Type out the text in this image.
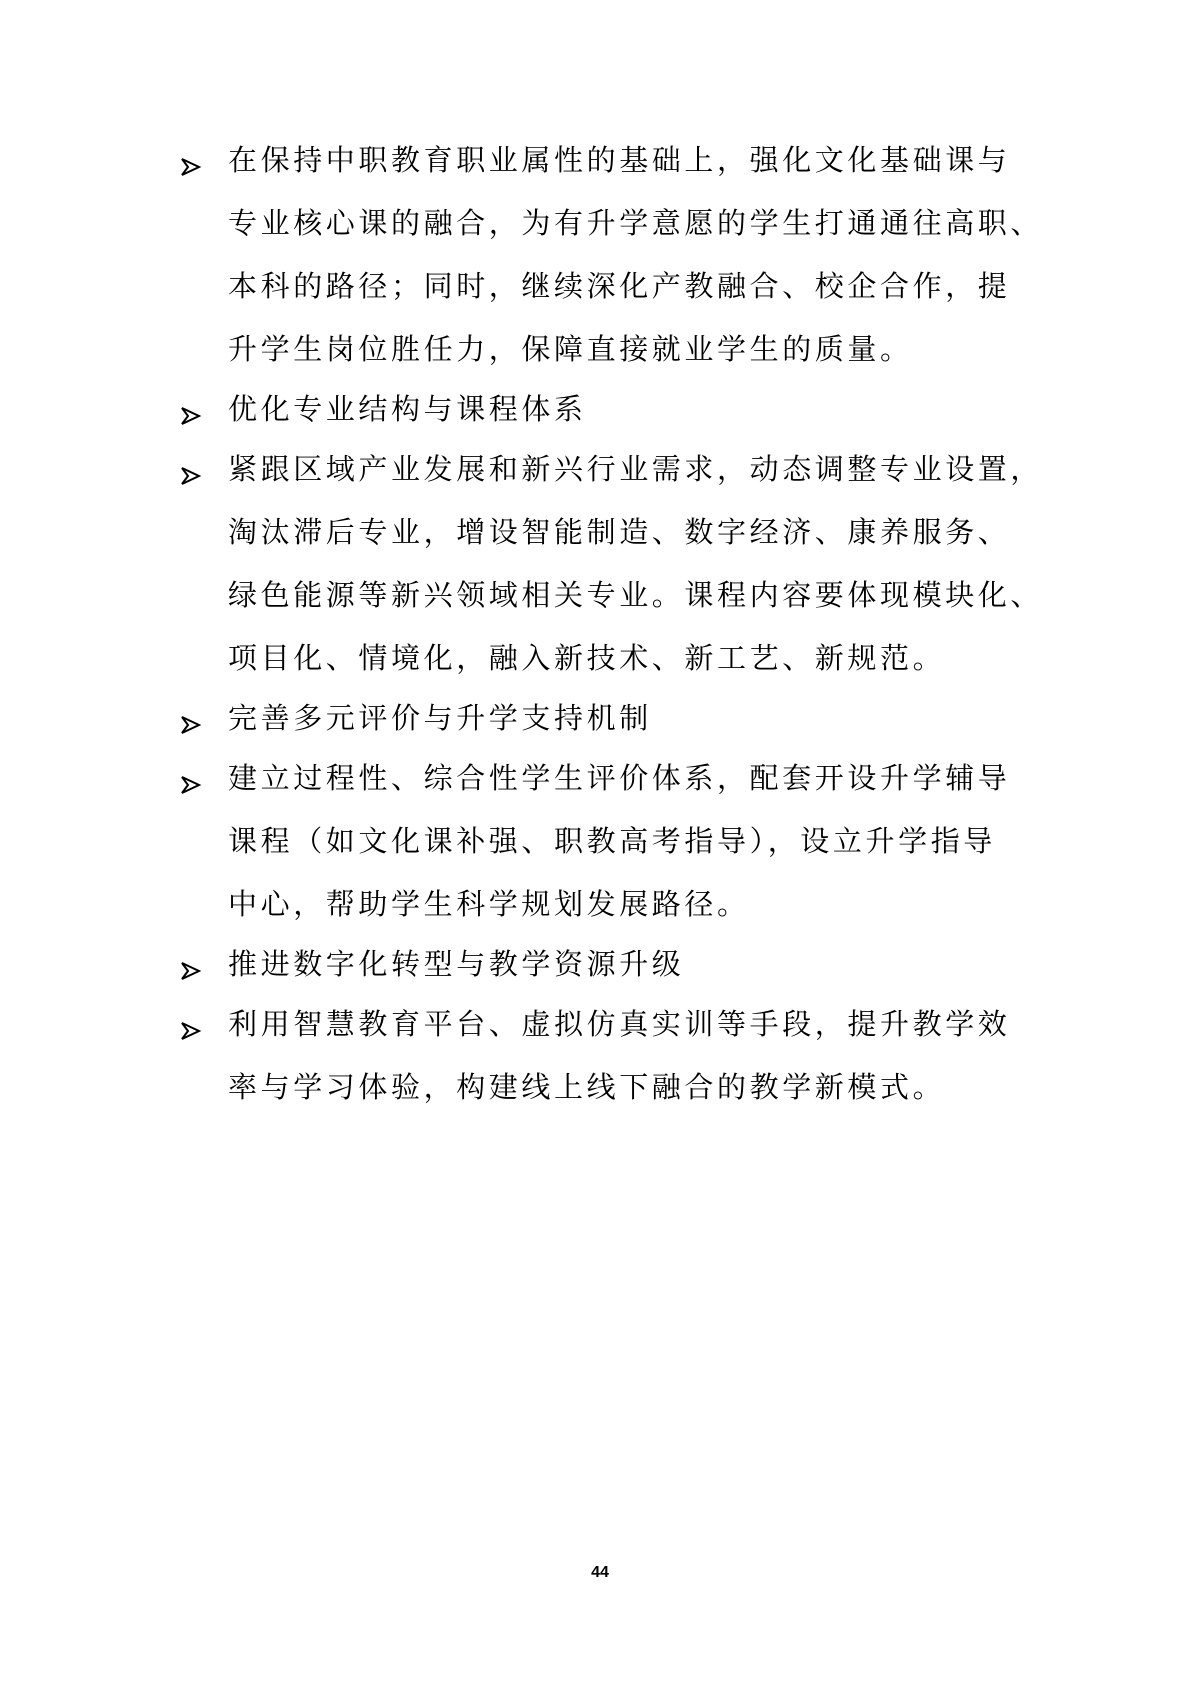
在保持中职教育职业属性的基础上，强化文化基础课与
专业核心课的融合，为有升学意愿的学生打通通往高职、
本科的路径；同时，继续深化产教融合、校企合作，提
升学生岗位胜任力，保障直接就业学生的质量。
优化专业结构与课程体系
紧跟区域产业发展和新兴行业需求，动态调整专业设置，
淘汰滞后专业，增设智能制造、数字经济、康养服务、
绿色能源等新兴领域相关专业。课程内容要体现模块化、
项目化、情境化，融入新技术、新工艺、新规范。
完善多元评价与升学支持机制
建立过程性、综合性学生评价体系，配套开设升学辅导
课程（如文化课补强、职教高考指导），设立升学指导
中心，帮助学生科学规划发展路径。
推进数字化转型与教学资源升级
利用智慧教育平台、虚拟仿真实训等手段，提升教学效
率与学习体验，构建线上线下融合的教学新模式。
44
